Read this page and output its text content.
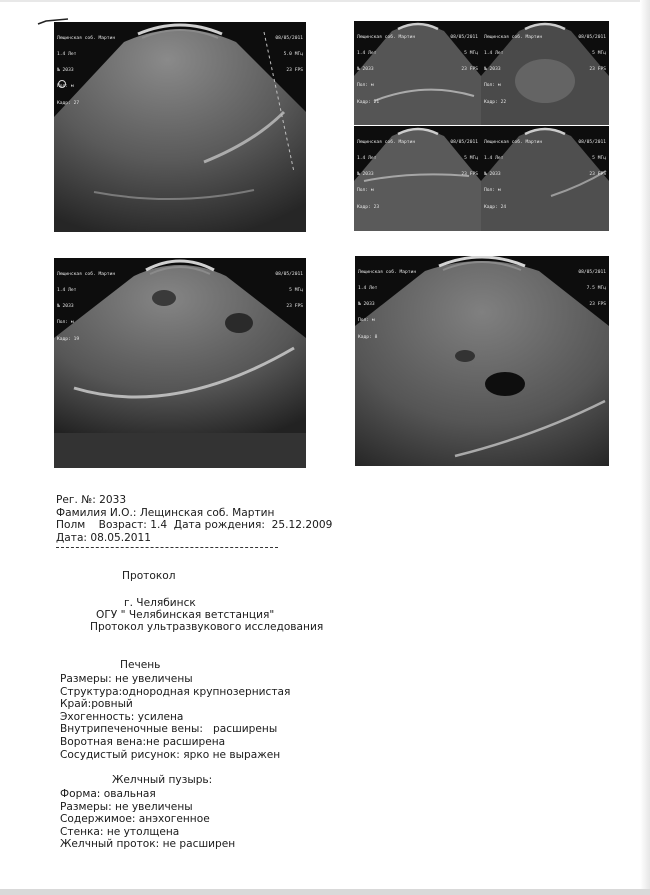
Лещинская соб. Мартин

1.4 Лет

№ 2033

Пол: м

Кадр: 27

08/05/2011

5.0 МГц

23 FPS

Лещинская соб. Мартин

1.4 Лет

№ 2033

Пол: м

Кадр: 21

08/05/2011

5 МГц

23 FPS

Лещинская соб. Мартин

1.4 Лет

№ 2033

Пол: м

Кадр: 22

08/05/2011

5 МГц

23 FPS

Лещинская соб. Мартин

1.4 Лет

№ 2033

Пол: м

Кадр: 23

08/05/2011

5 МГц

23 FPS

Лещинская соб. Мартин

1.4 Лет

№ 2033

Пол: м

Кадр: 24

08/05/2011

5 МГц

23 FPS

Лещинская соб. Мартин

1.4 Лет

№ 2033

Пол: м

Кадр: 19

08/05/2011

5 МГц

23 FPS

Лещинская соб. Мартин

1.4 Лет

№ 2033

Пол: м

Кадр: 8

08/05/2011

7.5 МГц

23 FPS

Рег. №: 2033
Фамилия И.О.: Лещинская соб. Мартин
Полм    Возраст: 1.4  Дата рождения:  25.12.2009
Дата: 08.05.2011
Протокол
г. Челябинск
ОГУ " Челябинская ветстанция"
Протокол ультразвукового исследования
Печень
Размеры: не увеличены
Структура:однородная крупнозернистая
Край:ровный
Эхогенность: усилена
Внутрипеченочные вены:   расширены
Воротная вена:не расширена
Сосудистый рисунок: ярко не выражен
Желчный пузырь:
Форма: овальная
Размеры: не увеличены
Содержимое: анэхогенное
Стенка: не утолщена
Желчный проток: не расширен
